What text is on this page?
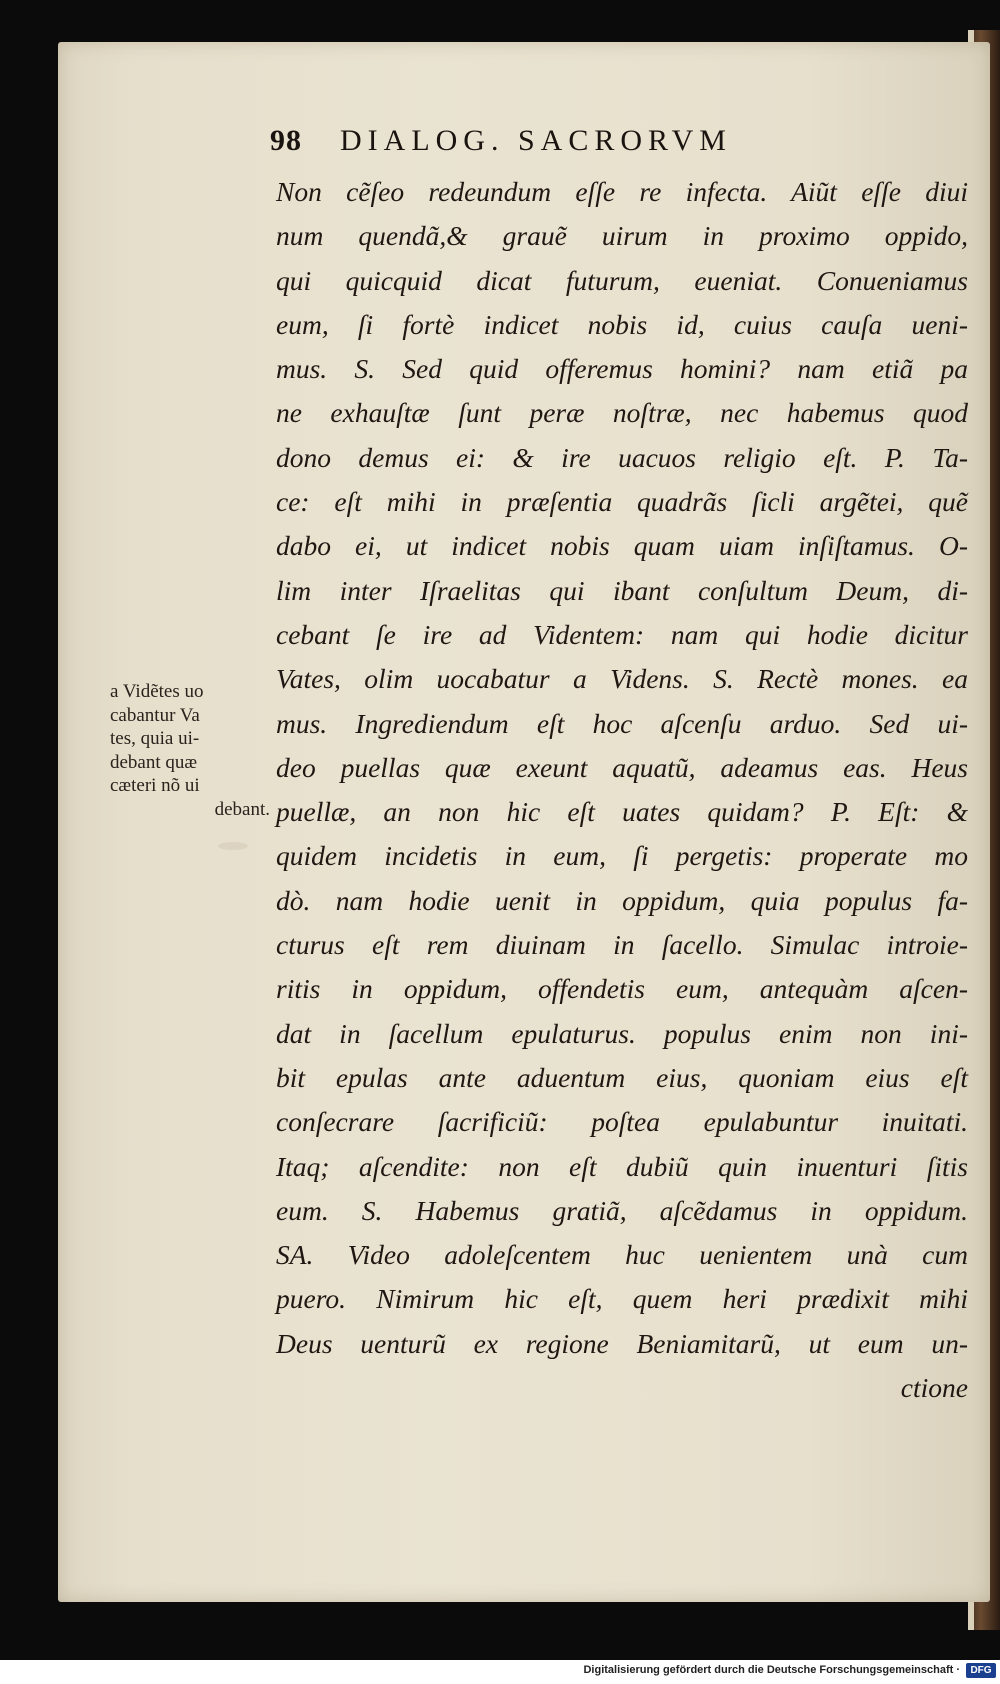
98 DIALOG. SACRORVM
Non cẽſeo redeundum eſſe re infecta. Aiũt eſſe diui
num quendã,& grauẽ uirum in proximo oppido,
qui quicquid dicat futurum, eueniat. Conueniamus
eum, ſi fortè indicet nobis id, cuius cauſa ueni-
mus. S. Sed quid offeremus homini? nam etiã pa
ne exhauſtæ ſunt peræ noſtræ, nec habemus quod
dono demus ei: & ire uacuos religio eſt. P. Ta-
ce: eſt mihi in præſentia quadrãs ſicli argẽtei, quẽ
dabo ei, ut indicet nobis quam uiam inſiſtamus. O-
lim inter Iſraelitas qui ibant conſultum Deum, di-
cebant ſe ire ad Videntem: nam qui hodie dicitur
Vates, olim uocabatur a Videns. S. Rectè mones. ea
mus. Ingrediendum eſt hoc aſcenſu arduo. Sed ui-
deo puellas quæ exeunt aquatũ, adeamus eas. Heus
puellæ, an non hic eſt uates quidam? P. Eſt: &
quidem incidetis in eum, ſi pergetis: properate mo
dò. nam hodie uenit in oppidum, quia populus fa-
cturus eſt rem diuinam in ſacello. Simulac introie-
ritis in oppidum, offendetis eum, antequàm aſcen-
dat in ſacellum epulaturus. populus enim non ini-
bit epulas ante aduentum eius, quoniam eius eſt
conſecrare ſacrificiũ: poſtea epulabuntur inuitati.
Itaq; aſcendite: non eſt dubiũ quin inuenturi ſitis
eum. S. Habemus gratiã, aſcẽdamus in oppidum.
SA. Video adoleſcentem huc uenientem unà cum
puero. Nimirum hic eſt, quem heri prædixit mihi
Deus uenturũ ex regione Beniamitarũ, ut eum un-
ctione
a Vidẽtes uo
cabantur Va
tes, quia ui-
debant quæ
cæteri nõ ui
debant.
Digitalisierung gefördert durch die Deutsche Forschungsgemeinschaft ·	DFG
